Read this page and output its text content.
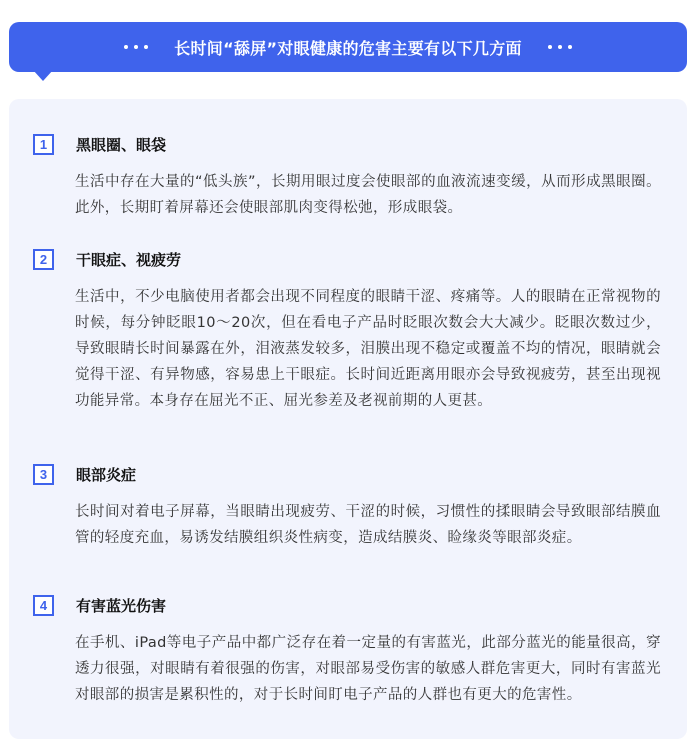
长时间“舔屏”对眼健康的危害主要有以下几方面
1	黑眼圈、眼袋
生活中存在大量的“低头族”，长期用眼过度会使眼部的血液流速变缓，从而形成黑眼圈。此外，长期盯着屏幕还会使眼部肌肉变得松弛，形成眼袋。
2	干眼症、视疲劳
生活中，不少电脑使用者都会出现不同程度的眼睛干涩、疼痛等。人的眼睛在正常视物的时候，每分钟眨眼10～20次，但在看电子产品时眨眼次数会大大减少。眨眼次数过少，导致眼睛长时间暴露在外，泪液蒸发较多，泪膜出现不稳定或覆盖不均的情况，眼睛就会觉得干涩、有异物感，容易患上干眼症。长时间近距离用眼亦会导致视疲劳，甚至出现视功能异常。本身存在屈光不正、屈光参差及老视前期的人更甚。
3	眼部炎症
长时间对着电子屏幕，当眼睛出现疲劳、干涩的时候，习惯性的揉眼睛会导致眼部结膜血管的轻度充血，易诱发结膜组织炎性病变，造成结膜炎、睑缘炎等眼部炎症。
4	有害蓝光伤害
在手机、iPad等电子产品中都广泛存在着一定量的有害蓝光，此部分蓝光的能量很高，穿透力很强，对眼睛有着很强的伤害，对眼部易受伤害的敏感人群危害更大，同时有害蓝光对眼部的损害是累积性的，对于长时间盯电子产品的人群也有更大的危害性。
